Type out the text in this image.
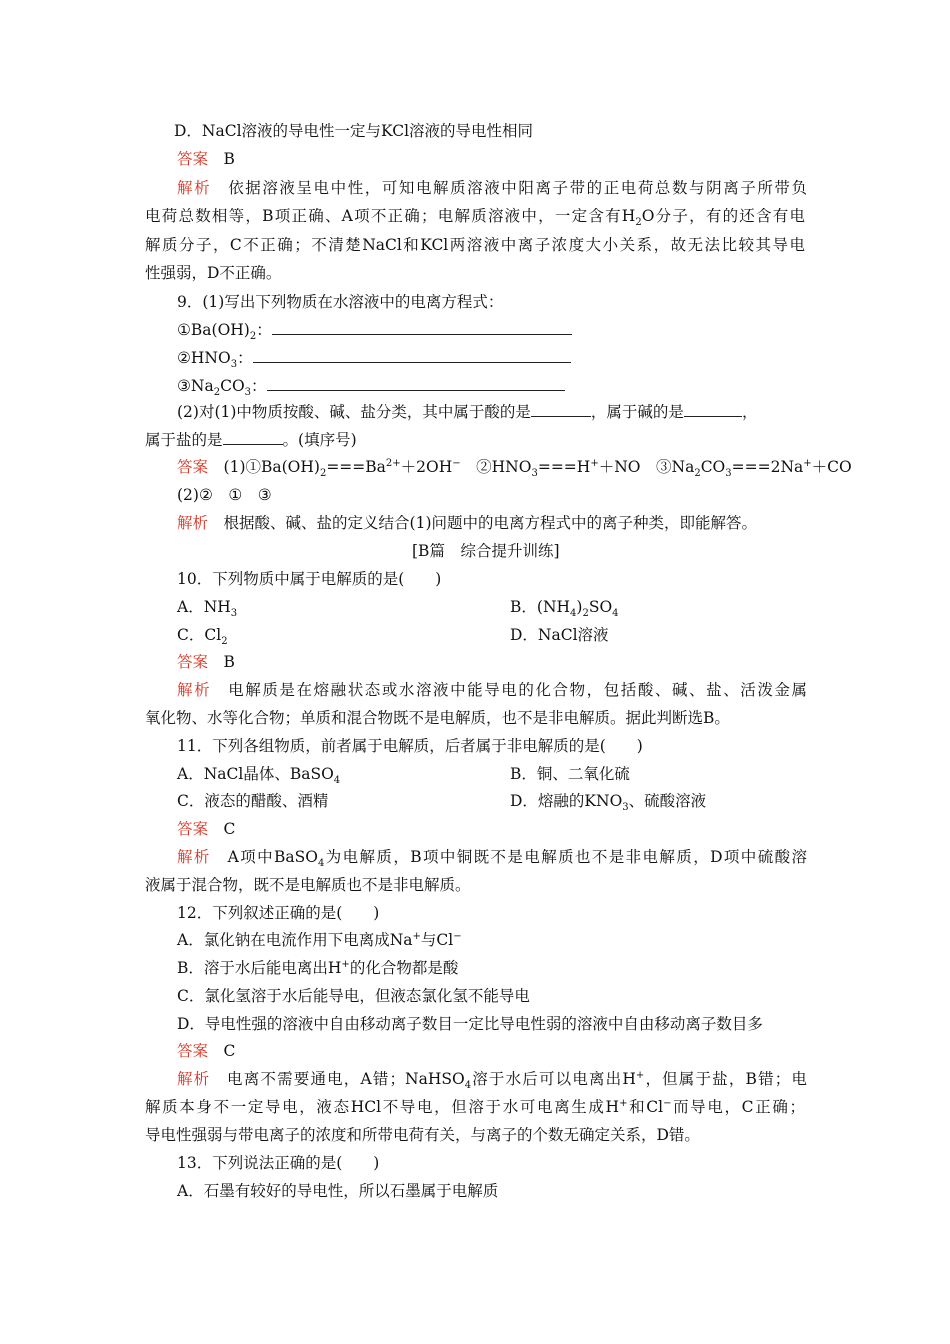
D．NaCl溶液的导电性一定与KCl溶液的导电性相同
答案　 B
解析　 依据溶液呈电中性，可知电解质溶液中阳离子带的正电荷总数与阴离子所带负
电荷总数相等，B项正确、A项不正确；电解质溶液中，一定含有$H_2O$分子，有的还含有电
解质分子，C不正确；不清楚NaCl和KCl两溶液中离子浓度大小关系，故无法比较其导电
性强弱，D不正确。
9．(1)写出下列物质在水溶液中的电离方程式：
$①Ba(OH)_2$：
$②HNO_3$：
$③Na_2CO_3$：
(2)对(1)中物质按酸、碱、盐分类，其中属于酸的是	，属于碱的是	，
属于盐的是	。(填序号)
答案　 $(1)①Ba(OH)_2===Ba^{2+}+2OH^-$　 $②HNO_3===H^++NO$　 $③Na_2CO_3===2Na^++CO$
(2)②　①　③
解析　 根据酸、碱、盐的定义结合(1)问题中的电离方程式中的离子种类，即能解答。
[B篇　综合提升训练]
10．下列物质中属于电解质的是(　　)
A．$NH_3$	B．$(NH_4)_2SO_4$
C．$Cl_2$	D．NaCl溶液
答案　 B
解析　 电解质是在熔融状态或水溶液中能导电的化合物，包括酸、碱、盐、活泼金属
氧化物、水等化合物；单质和混合物既不是电解质，也不是非电解质。据此判断选B。
11．下列各组物质，前者属于电解质，后者属于非电解质的是(　　)
A．NaCl晶体、BaSO$_4$	B．铜、二氧化硫
C．液态的醋酸、酒精	D．熔融的$KNO_3$、硫酸溶液
答案　 C
解析　 A项中BaSO$_4$为电解质，B项中铜既不是电解质也不是非电解质，D项中硫酸溶
液属于混合物，既不是电解质也不是非电解质。
12．下列叙述正确的是(　　)
A．氯化钠在电流作用下电离成Na+与Cl−
B．溶于水后能电离出H+的化合物都是酸
C．氯化氢溶于水后能导电，但液态氯化氢不能导电
D．导电性强的溶液中自由移动离子数目一定比导电性弱的溶液中自由移动离子数目多
答案　 C
解析　 电离不需要通电，A错；NaHSO$_4$溶于水后可以电离出H+，但属于盐，B错；电
解质本身不一定导电，液态HCl不导电，但溶于水可电离生成H+和Cl−而导电，C正确；
导电性强弱与带电离子的浓度和所带电荷有关，与离子的个数无确定关系，D错。
13．下列说法正确的是(　　)
A．石墨有较好的导电性，所以石墨属于电解质
